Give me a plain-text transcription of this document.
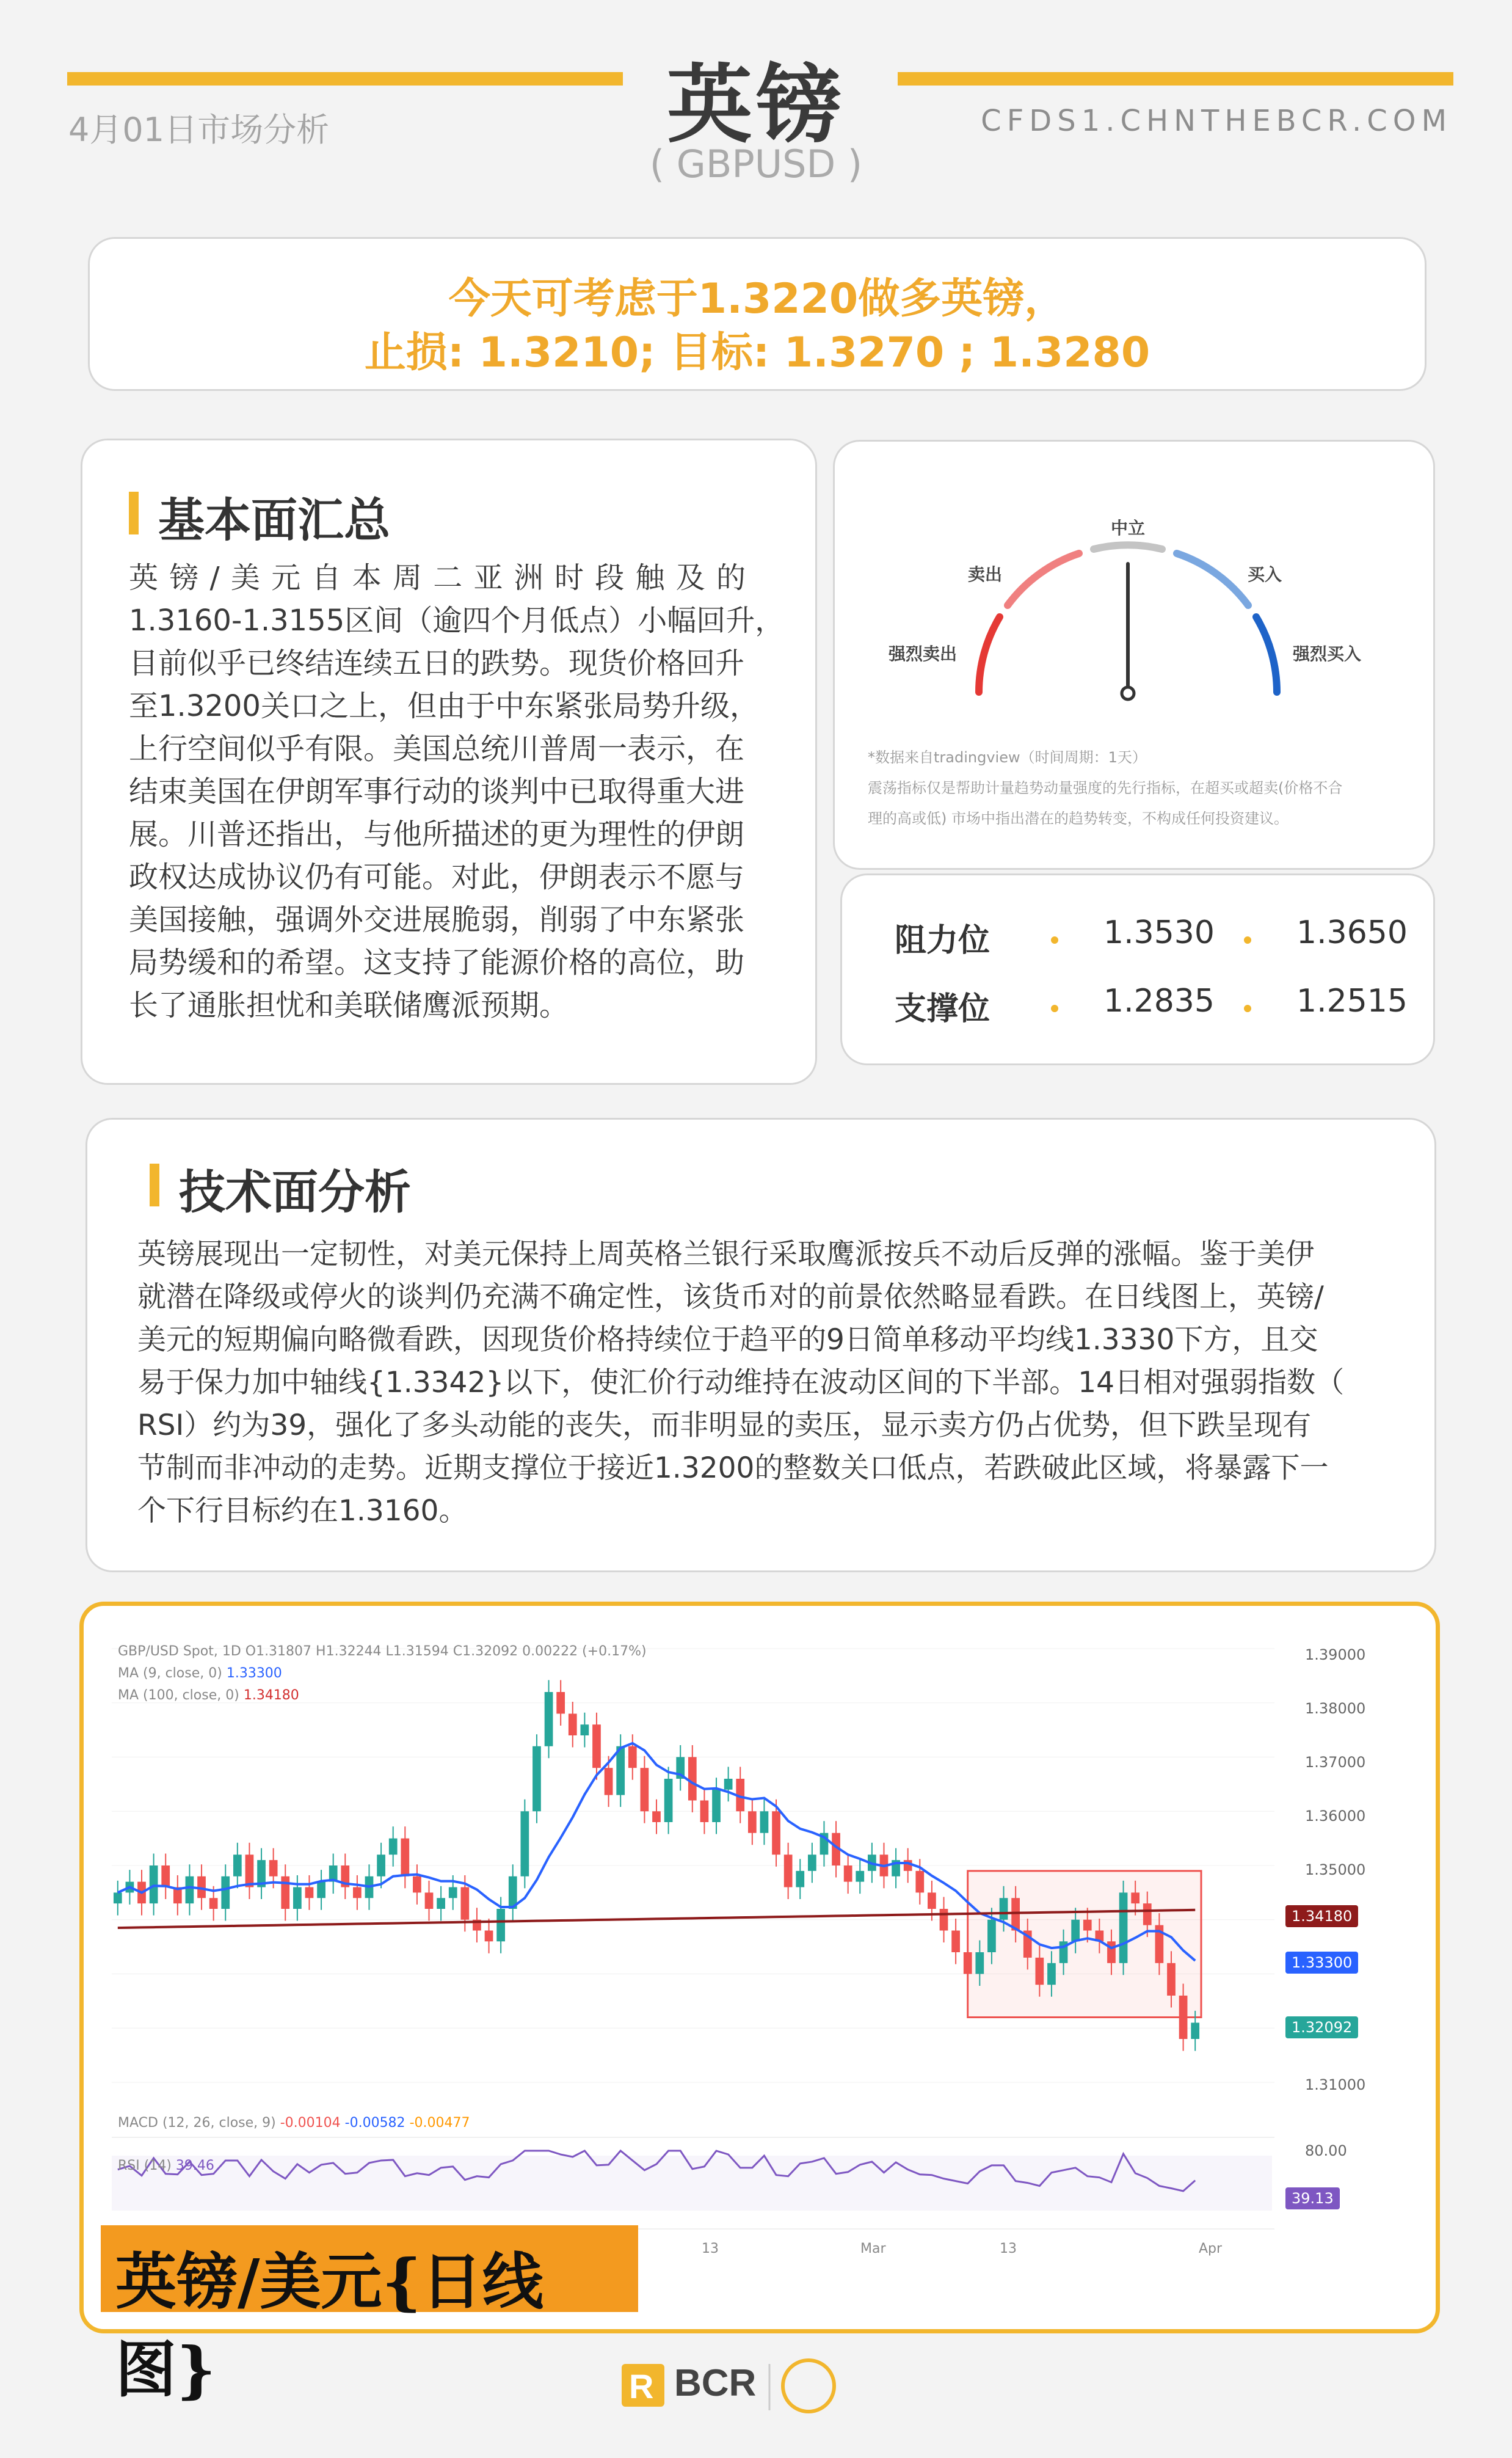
4月01日市场分析	英镑
( GBPUSD )
CFDS1.CHNTHEBCR.COM
今天可考虑于1.3220做多英镑，
止损: 1.3210; 目标: 1.3270 ; 1.3280
基本面汇总
英镑/美元自本周二亚洲时段触及的
1.3160-1.3155区间（逾四个月低点）小幅回升，
目前似乎已终结连续五日的跌势。现货价格回升
至1.3200关口之上，但由于中东紧张局势升级，
上行空间似乎有限。美国总统川普周一表示，在
结束美国在伊朗军事行动的谈判中已取得重大进
展。川普还指出，与他所描述的更为理性的伊朗
政权达成协议仍有可能。对此，伊朗表示不愿与
美国接触，强调外交进展脆弱，削弱了中东紧张
局势缓和的希望。这支持了能源价格的高位，助
长了通胀担忧和美联储鹰派预期。
中立
卖出	买入
强烈卖出	强烈买入
*数据来自tradingview（时间周期：1天）
震荡指标仅是帮助计量趋势动量强度的先行指标，在超买或超卖(价格不合
理的高或低) 市场中指出潜在的趋势转变，不构成任何投资建议。
阻力位	1.3530	1.3650
支撑位	1.2835	1.2515
技术面分析
英镑展现出一定韧性，对美元保持上周英格兰银行采取鹰派按兵不动后反弹的涨幅。鉴于美伊
就潜在降级或停火的谈判仍充满不确定性，该货币对的前景依然略显看跌。在日线图上，英镑/
美元的短期偏向略微看跌，因现货价格持续位于趋平的9日简单移动平均线1.3330下方，且交
易于保力加中轴线{1.3342}以下，使汇价行动维持在波动区间的下半部。14日相对强弱指数（
RSI）约为39，强化了多头动能的丧失，而非明显的卖压，显示卖方仍占优势，但下跌呈现有
节制而非冲动的走势。近期支撑位于接近1.3200的整数关口低点，若跌破此区域，将暴露下一
个下行目标约在1.3160。
GBP/USD Spot, 1D O1.31807 H1.32244 L1.31594 C1.32092 0.00222 (+0.17%)
MA (9, close, 0) 1.33300
MA (100, close, 0) 1.34180
1.39000
1.38000
1.37000
1.36000
1.35000
1.31000
1.34180
1.33300
1.32092
MACD (12, 26, close, 9) -0.00104 -0.00582 -0.00477
RSI (14) 39.46
80.00
39.13
13	Mar	13	Apr
英镑/美元{日线图}	R BCR
